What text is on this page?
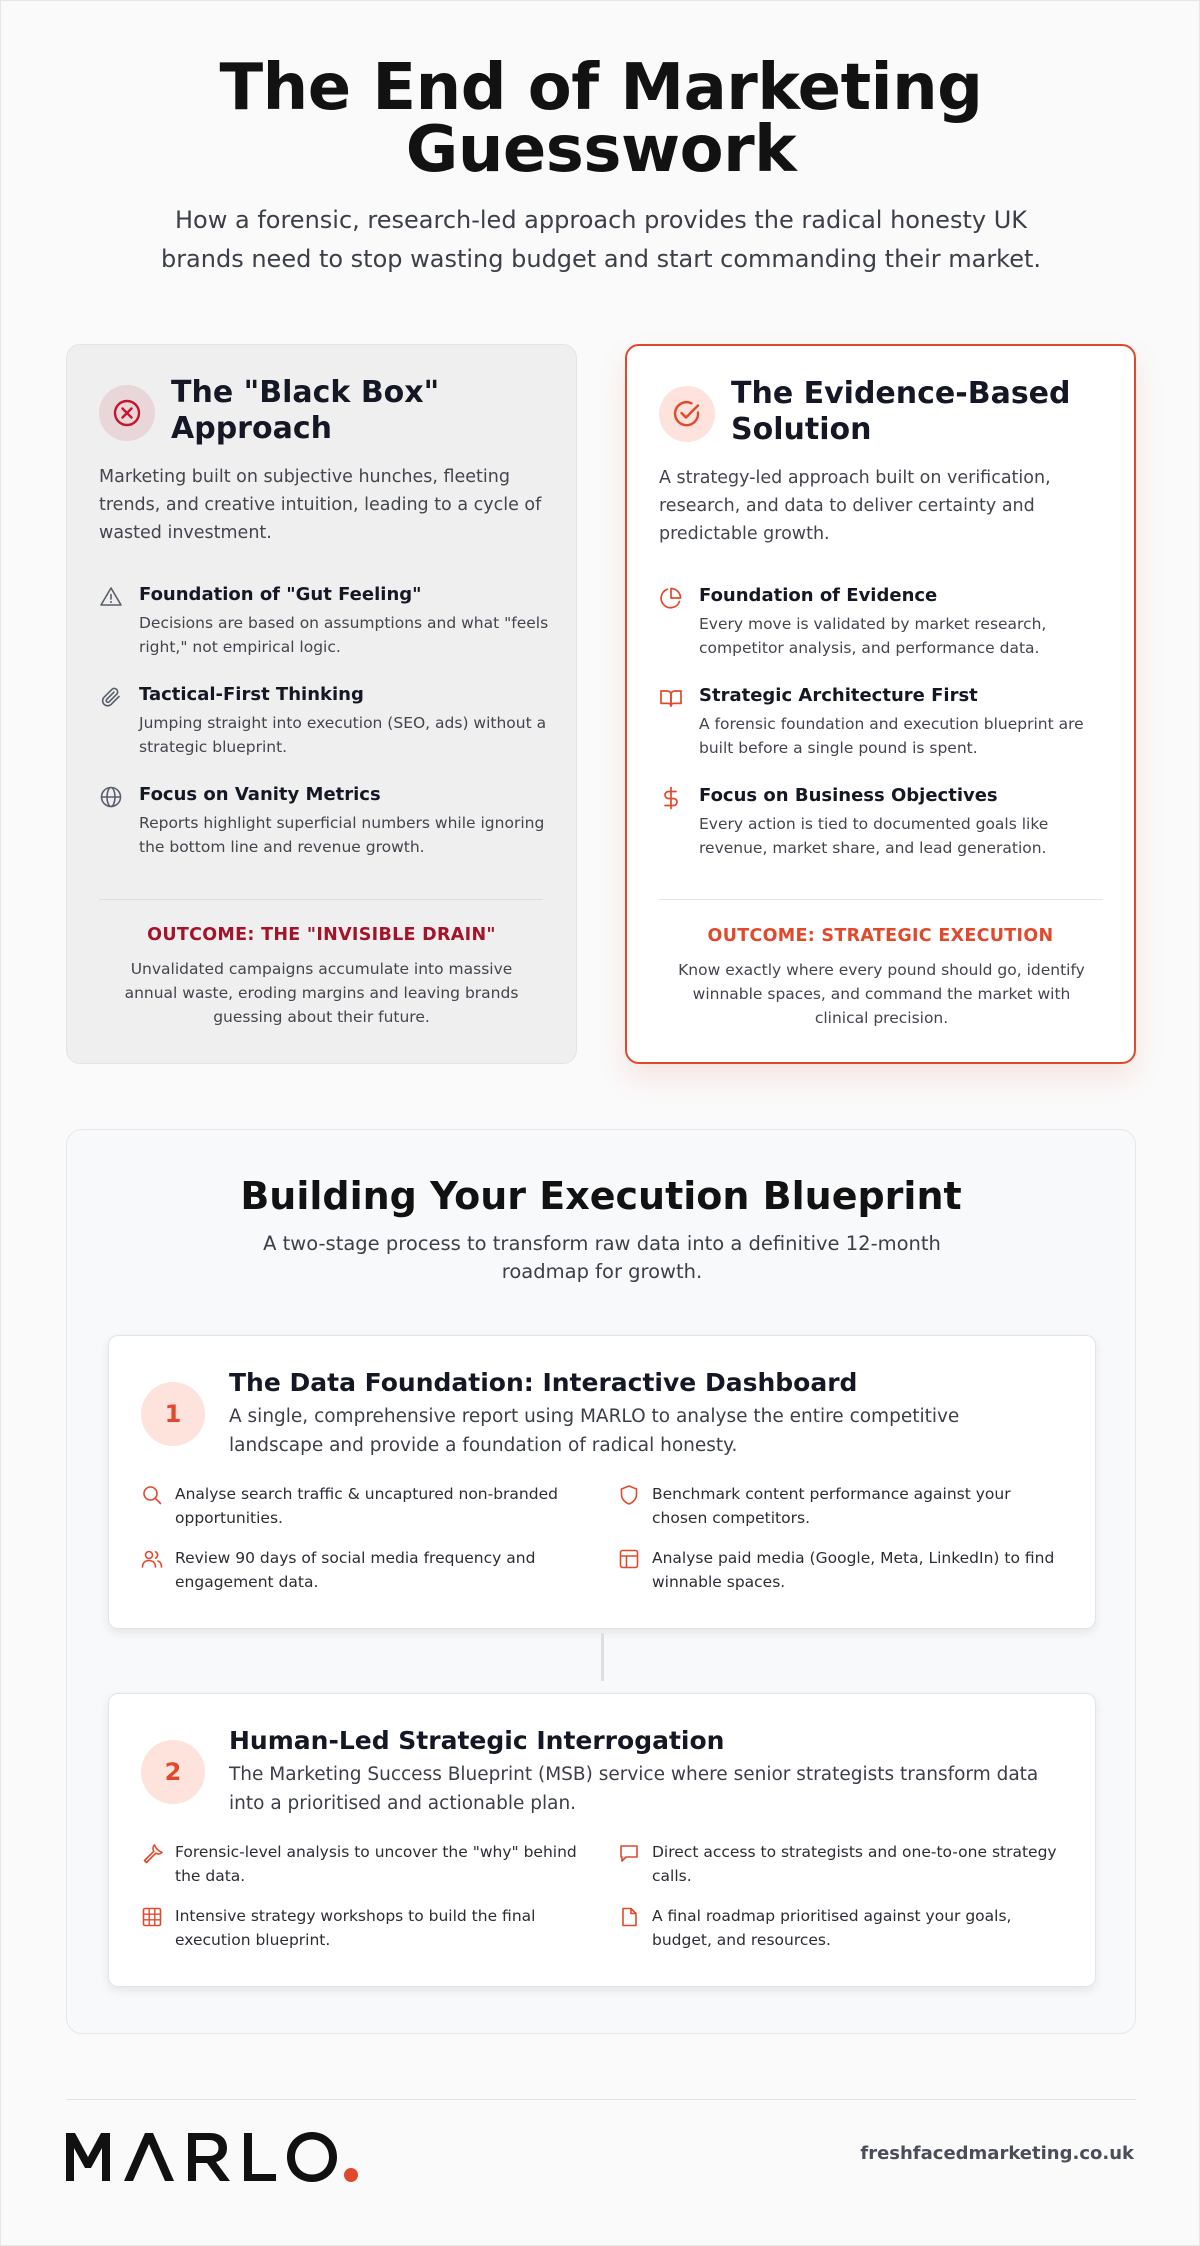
The End of Marketing
Guesswork

How a forensic, research-led approach provides the radical honesty UK brands need to stop wasting budget and start commanding their market.

The "Black Box" Approach

Marketing built on subjective hunches, fleeting trends, and creative intuition, leading to a cycle of wasted investment.

Foundation of "Gut Feeling"

Decisions are based on assumptions and what "feels right," not empirical logic.

Tactical-First Thinking

Jumping straight into execution (SEO, ads) without a strategic blueprint.

Focus on Vanity Metrics

Reports highlight superficial numbers while ignoring the bottom line and revenue growth.

OUTCOME: THE "INVISIBLE DRAIN"

Unvalidated campaigns accumulate into massive annual waste, eroding margins and leaving brands guessing about their future.

The Evidence-Based Solution

A strategy-led approach built on verification, research, and data to deliver certainty and predictable growth.

Foundation of Evidence

Every move is validated by market research, competitor analysis, and performance data.

Strategic Architecture First

A forensic foundation and execution blueprint are built before a single pound is spent.

Focus on Business Objectives

Every action is tied to documented goals like revenue, market share, and lead generation.

OUTCOME: STRATEGIC EXECUTION

Know exactly where every pound should go, identify winnable spaces, and command the market with clinical precision.

Building Your Execution Blueprint

A two-stage process to transform raw data into a definitive 12-month roadmap for growth.

1
The Data Foundation: Interactive Dashboard

A single, comprehensive report using MARLO to analyse the entire competitive landscape and provide a foundation of radical honesty.

Analyse search traffic & uncaptured non-branded opportunities.

Benchmark content performance against your chosen competitors.

Review 90 days of social media frequency and engagement data.

Analyse paid media (Google, Meta, LinkedIn) to find winnable spaces.

2
Human-Led Strategic Interrogation

The Marketing Success Blueprint (MSB) service where senior strategists transform data into a prioritised and actionable plan.

Forensic-level analysis to uncover the "why" behind the data.

Direct access to strategists and one-to-one strategy calls.

Intensive strategy workshops to build the final execution blueprint.

A final roadmap prioritised against your goals, budget, and resources.

freshfacedmarketing.co.uk
